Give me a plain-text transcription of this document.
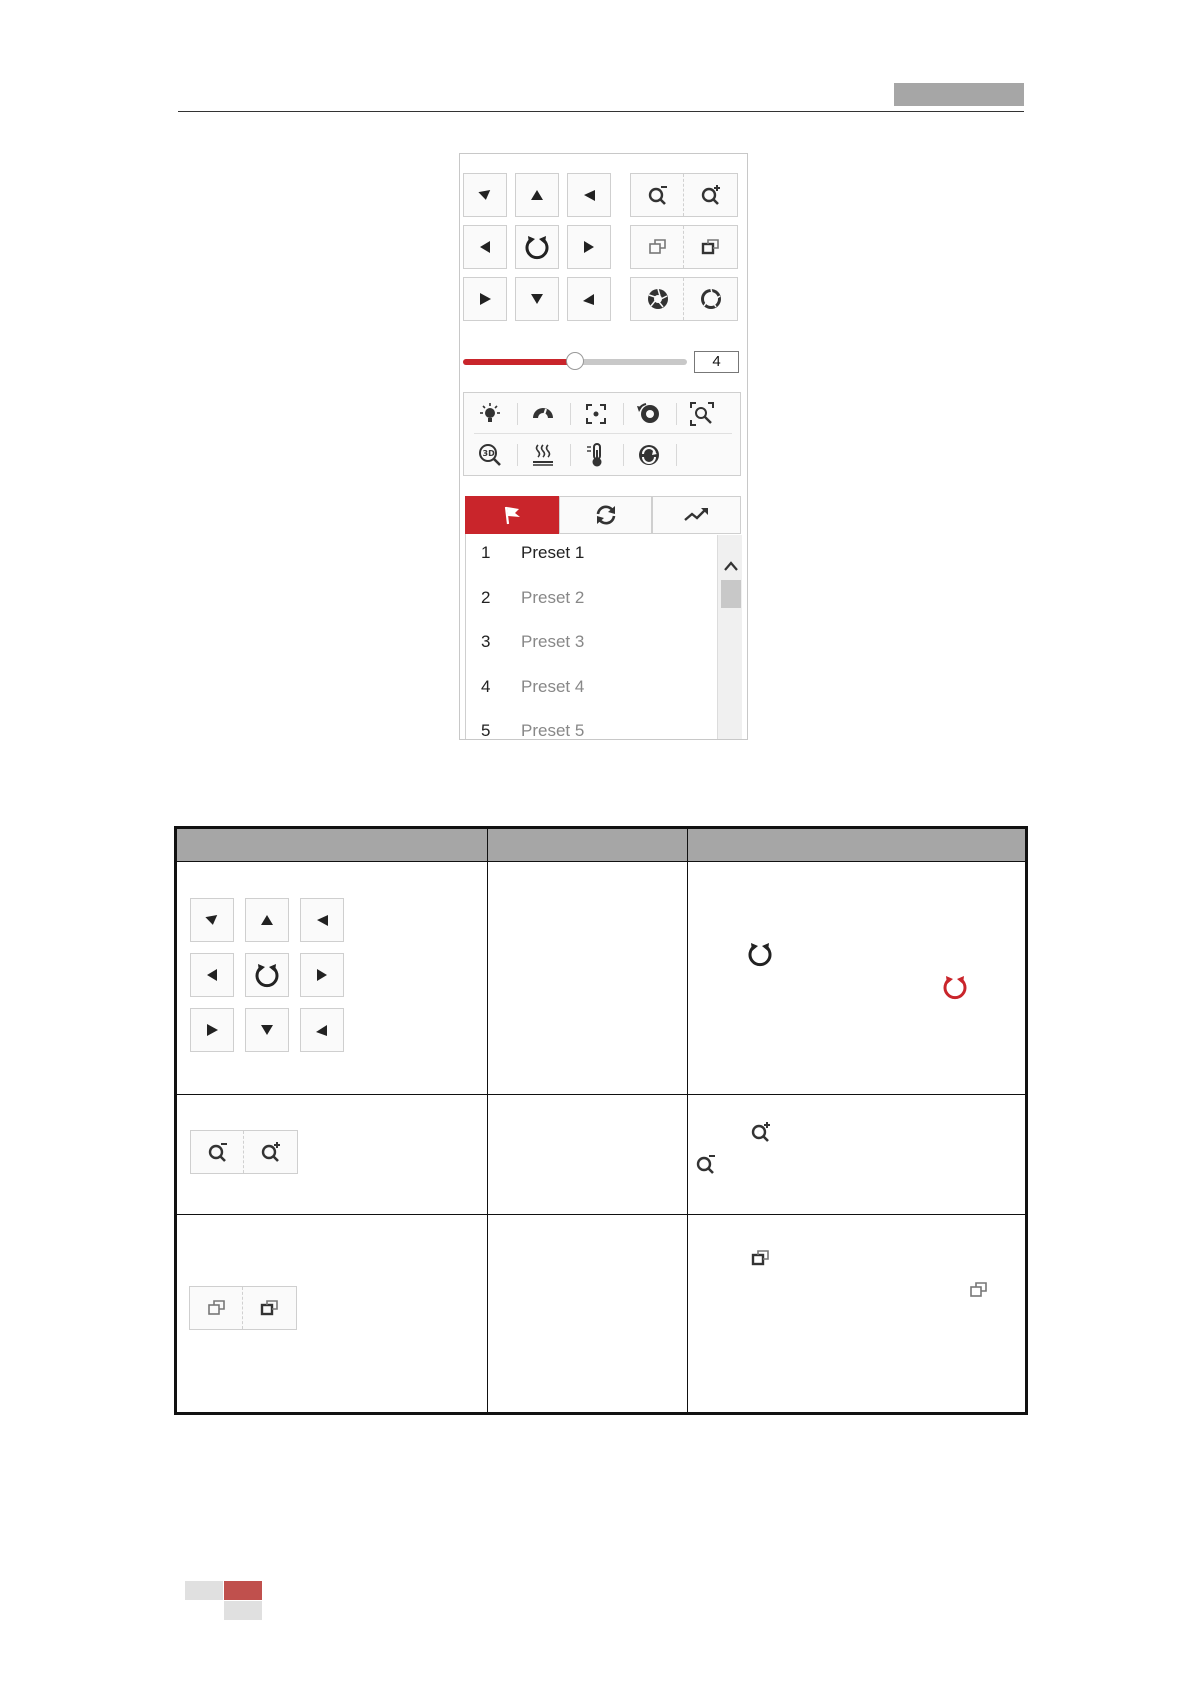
4
3D
1 Preset 1
2 Preset 2
3 Preset 3
4 Preset 4
5 Preset 5
